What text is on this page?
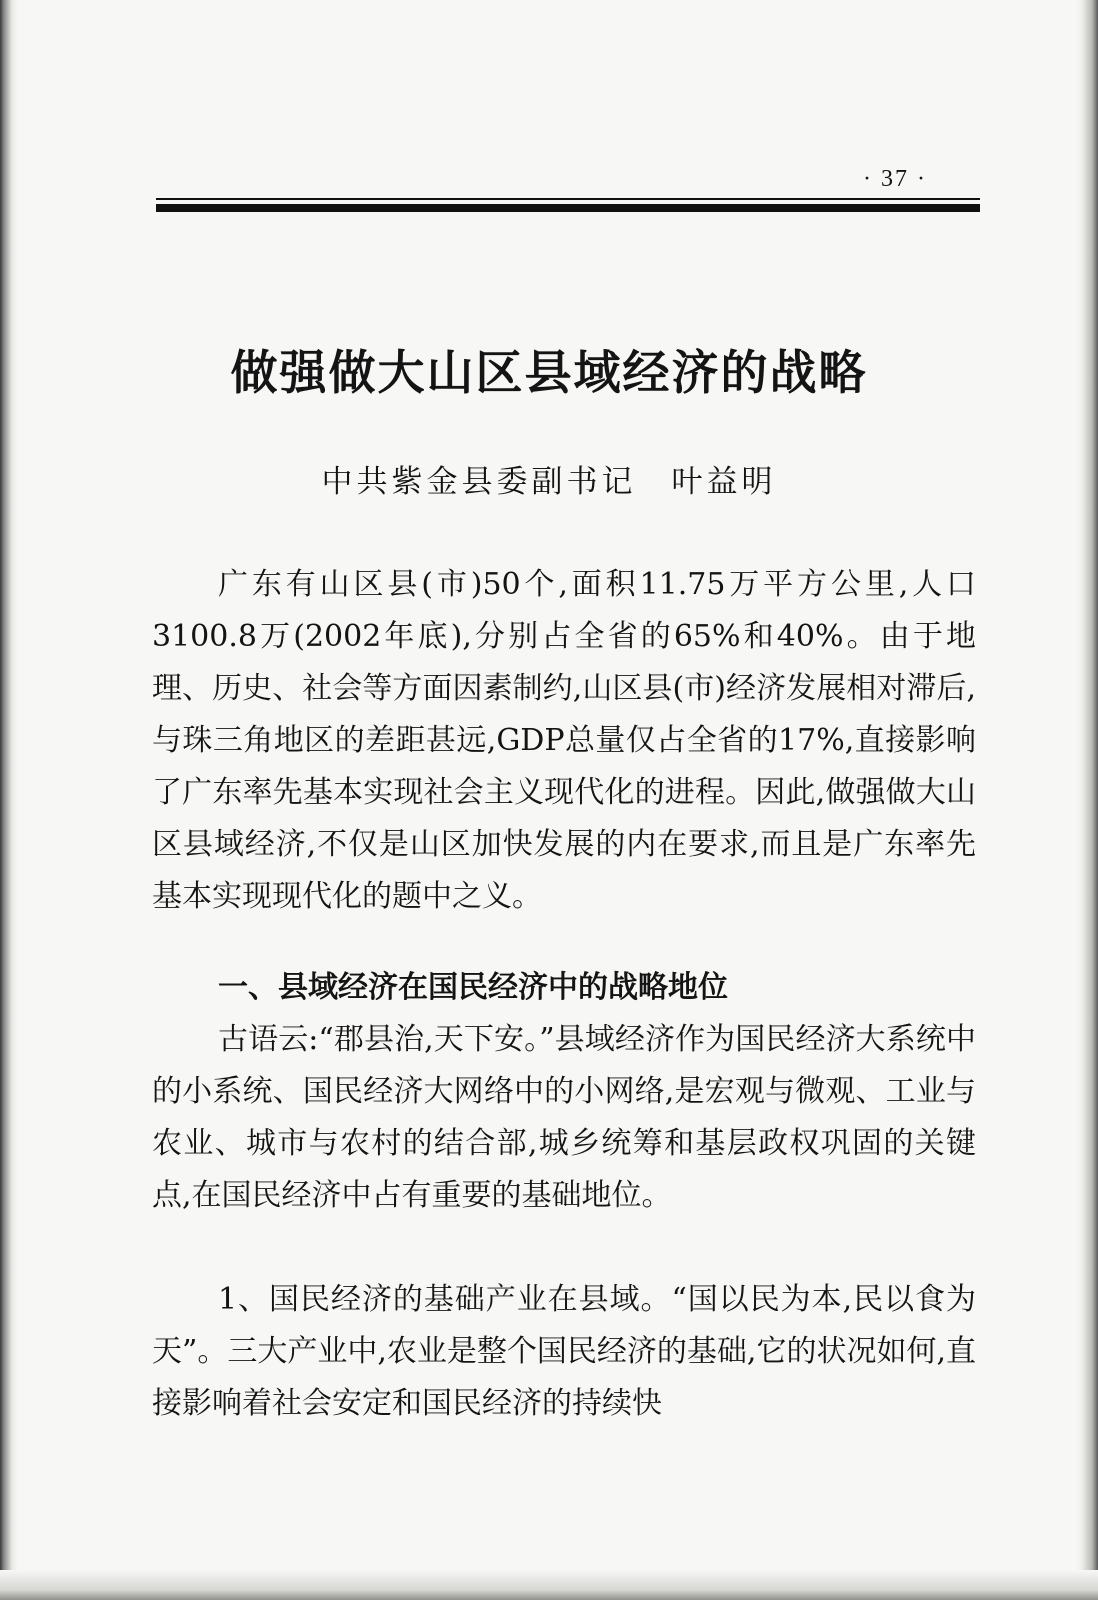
· 37 ·
做强做大山区县域经济的战略
中共紫金县委副书记　叶益明

广东有山区县(市)50个,面积11.75万平方公里,人口3100.8万(2002年底),分别占全省的65%和40%。由于地理、历史、社会等方面因素制约,山区县(市)经济发展相对滞后,与珠三角地区的差距甚远,GDP总量仅占全省的17%,直接影响了广东率先基本实现社会主义现代化的进程。因此,做强做大山区县域经济,不仅是山区加快发展的内在要求,而且是广东率先基本实现现代化的题中之义。

一、县域经济在国民经济中的战略地位

古语云:“郡县治,天下安。”县域经济作为国民经济大系统中的小系统、国民经济大网络中的小网络,是宏观与微观、工业与农业、城市与农村的结合部,城乡统筹和基层政权巩固的关键点,在国民经济中占有重要的基础地位。

1、国民经济的基础产业在县域。“国以民为本,民以食为天”。三大产业中,农业是整个国民经济的基础,它的状况如何,直接影响着社会安定和国民经济的持续快
